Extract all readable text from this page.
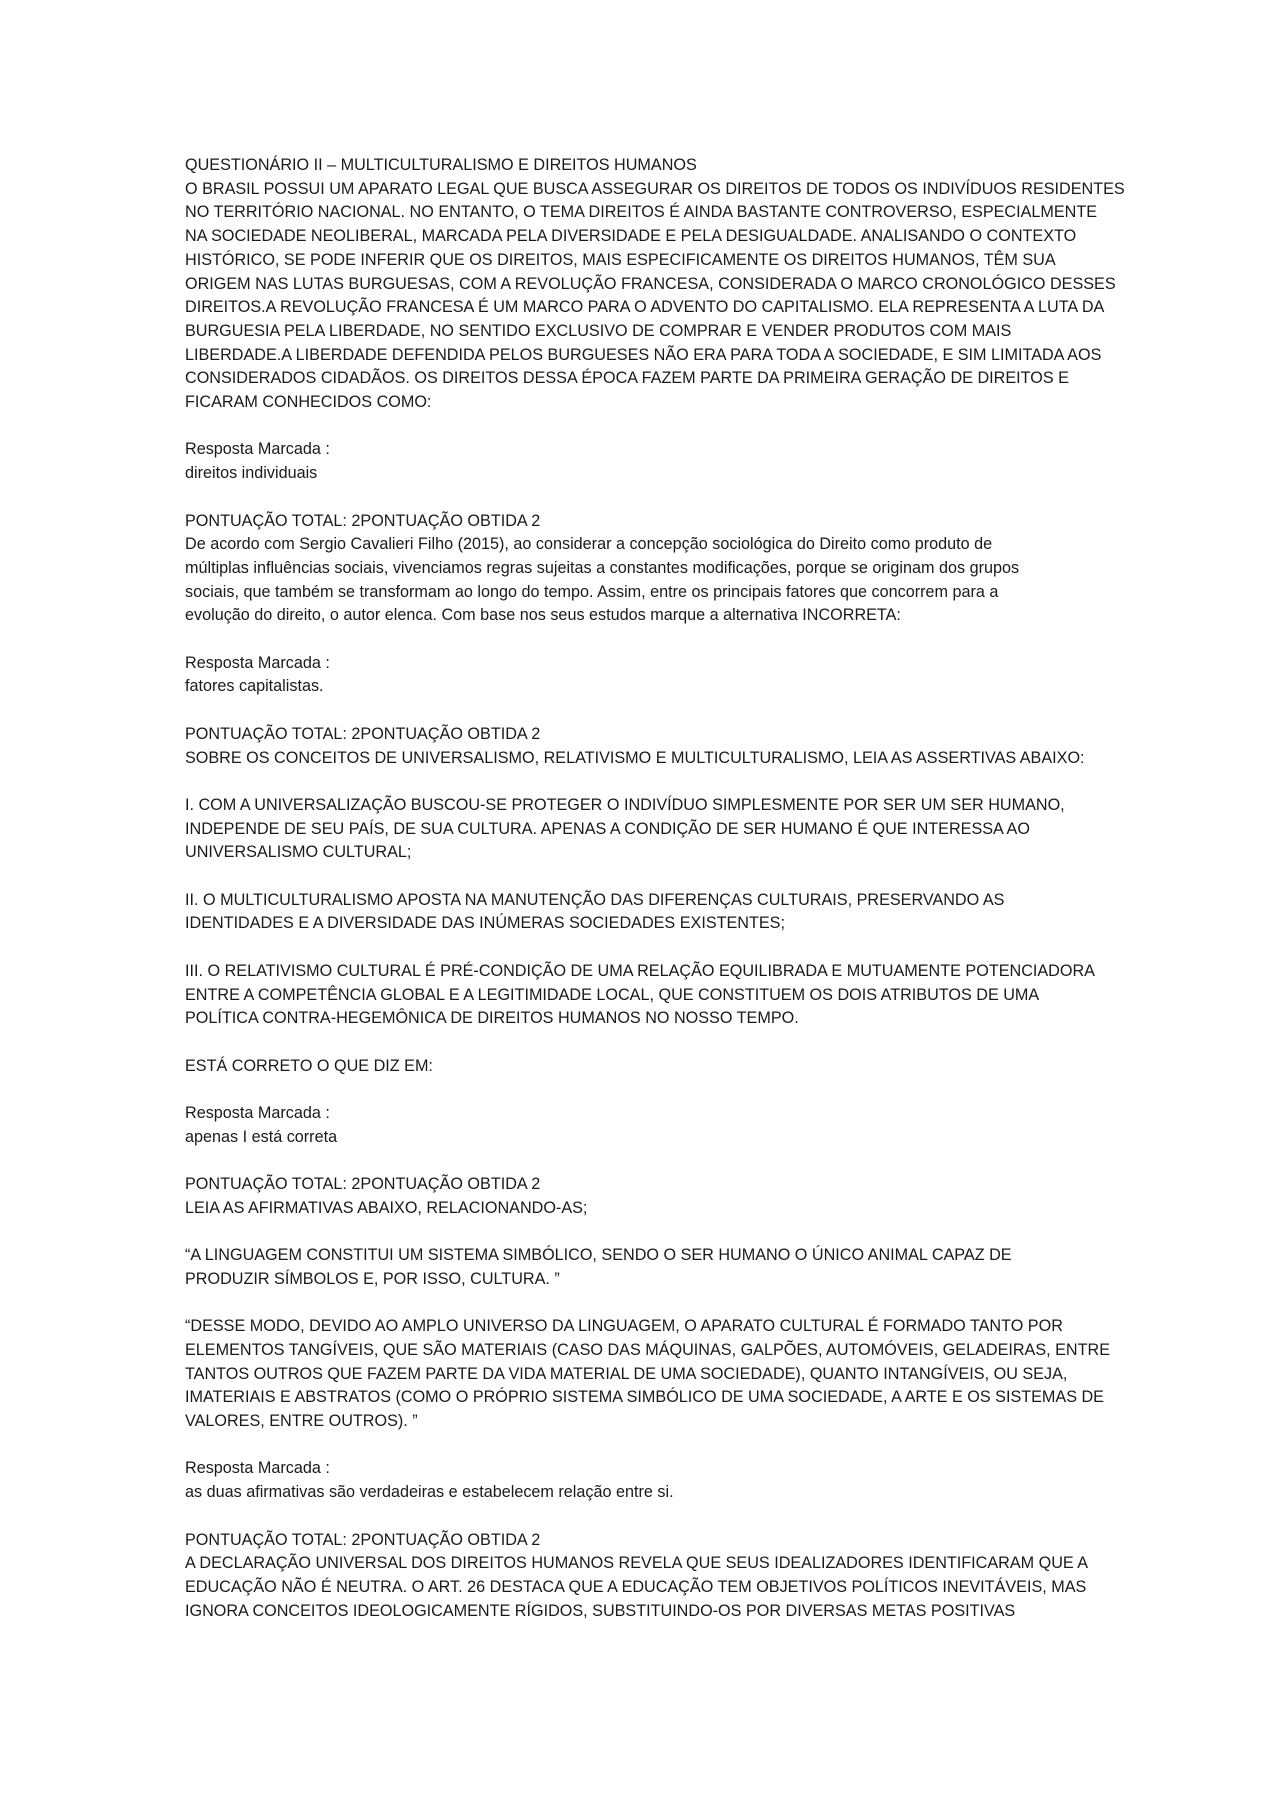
QUESTIONÁRIO II – MULTICULTURALISMO E DIREITOS HUMANOS
O BRASIL POSSUI UM APARATO LEGAL QUE BUSCA ASSEGURAR OS DIREITOS DE TODOS OS INDIVÍDUOS RESIDENTES
NO TERRITÓRIO NACIONAL. NO ENTANTO, O TEMA DIREITOS É AINDA BASTANTE CONTROVERSO, ESPECIALMENTE
NA SOCIEDADE NEOLIBERAL, MARCADA PELA DIVERSIDADE E PELA DESIGUALDADE. ANALISANDO O CONTEXTO
HISTÓRICO, SE PODE INFERIR QUE OS DIREITOS, MAIS ESPECIFICAMENTE OS DIREITOS HUMANOS, TÊM SUA
ORIGEM NAS LUTAS BURGUESAS, COM A REVOLUÇÃO FRANCESA, CONSIDERADA O MARCO CRONOLÓGICO DESSES
DIREITOS.A REVOLUÇÃO FRANCESA É UM MARCO PARA O ADVENTO DO CAPITALISMO. ELA REPRESENTA A LUTA DA
BURGUESIA PELA LIBERDADE, NO SENTIDO EXCLUSIVO DE COMPRAR E VENDER PRODUTOS COM MAIS
LIBERDADE.A LIBERDADE DEFENDIDA PELOS BURGUESES NÃO ERA PARA TODA A SOCIEDADE, E SIM LIMITADA AOS
CONSIDERADOS CIDADÃOS. OS DIREITOS DESSA ÉPOCA FAZEM PARTE DA PRIMEIRA GERAÇÃO DE DIREITOS E
FICARAM CONHECIDOS COMO:
Resposta Marcada :
direitos individuais
PONTUAÇÃO TOTAL: 2PONTUAÇÃO OBTIDA 2
De acordo com Sergio Cavalieri Filho (2015), ao considerar a concepção sociológica do Direito como produto de
múltiplas influências sociais, vivenciamos regras sujeitas a constantes modificações, porque se originam dos grupos
sociais, que também se transformam ao longo do tempo. Assim, entre os principais fatores que concorrem para a
evolução do direito, o autor elenca. Com base nos seus estudos marque a alternativa INCORRETA:
Resposta Marcada :
fatores capitalistas.
PONTUAÇÃO TOTAL: 2PONTUAÇÃO OBTIDA 2
SOBRE OS CONCEITOS DE UNIVERSALISMO, RELATIVISMO E MULTICULTURALISMO, LEIA AS ASSERTIVAS ABAIXO:
I. COM A UNIVERSALIZAÇÃO BUSCOU-SE PROTEGER O INDIVÍDUO SIMPLESMENTE POR SER UM SER HUMANO,
INDEPENDE DE SEU PAÍS, DE SUA CULTURA. APENAS A CONDIÇÃO DE SER HUMANO É QUE INTERESSA AO
UNIVERSALISMO CULTURAL;
II. O MULTICULTURALISMO APOSTA NA MANUTENÇÃO DAS DIFERENÇAS CULTURAIS, PRESERVANDO AS
IDENTIDADES E A DIVERSIDADE DAS INÚMERAS SOCIEDADES EXISTENTES;
III. O RELATIVISMO CULTURAL É PRÉ-CONDIÇÃO DE UMA RELAÇÃO EQUILIBRADA E MUTUAMENTE POTENCIADORA
ENTRE A COMPETÊNCIA GLOBAL E A LEGITIMIDADE LOCAL, QUE CONSTITUEM OS DOIS ATRIBUTOS DE UMA
POLÍTICA CONTRA-HEGEMÔNICA DE DIREITOS HUMANOS NO NOSSO TEMPO.
ESTÁ CORRETO O QUE DIZ EM:
Resposta Marcada :
apenas I está correta
PONTUAÇÃO TOTAL: 2PONTUAÇÃO OBTIDA 2
LEIA AS AFIRMATIVAS ABAIXO, RELACIONANDO-AS;
“A LINGUAGEM CONSTITUI UM SISTEMA SIMBÓLICO, SENDO O SER HUMANO O ÚNICO ANIMAL CAPAZ DE
PRODUZIR SÍMBOLOS E, POR ISSO, CULTURA. ”
“DESSE MODO, DEVIDO AO AMPLO UNIVERSO DA LINGUAGEM, O APARATO CULTURAL É FORMADO TANTO POR
ELEMENTOS TANGÍVEIS, QUE SÃO MATERIAIS (CASO DAS MÁQUINAS, GALPÕES, AUTOMÓVEIS, GELADEIRAS, ENTRE
TANTOS OUTROS QUE FAZEM PARTE DA VIDA MATERIAL DE UMA SOCIEDADE), QUANTO INTANGÍVEIS, OU SEJA,
IMATERIAIS E ABSTRATOS (COMO O PRÓPRIO SISTEMA SIMBÓLICO DE UMA SOCIEDADE, A ARTE E OS SISTEMAS DE
VALORES, ENTRE OUTROS). ”
Resposta Marcada :
as duas afirmativas são verdadeiras e estabelecem relação entre si.
PONTUAÇÃO TOTAL: 2PONTUAÇÃO OBTIDA 2
A DECLARAÇÃO UNIVERSAL DOS DIREITOS HUMANOS REVELA QUE SEUS IDEALIZADORES IDENTIFICARAM QUE A
EDUCAÇÃO NÃO É NEUTRA. O ART. 26 DESTACA QUE A EDUCAÇÃO TEM OBJETIVOS POLÍTICOS INEVITÁVEIS, MAS
IGNORA CONCEITOS IDEOLOGICAMENTE RÍGIDOS, SUBSTITUINDO-OS POR DIVERSAS METAS POSITIVAS
